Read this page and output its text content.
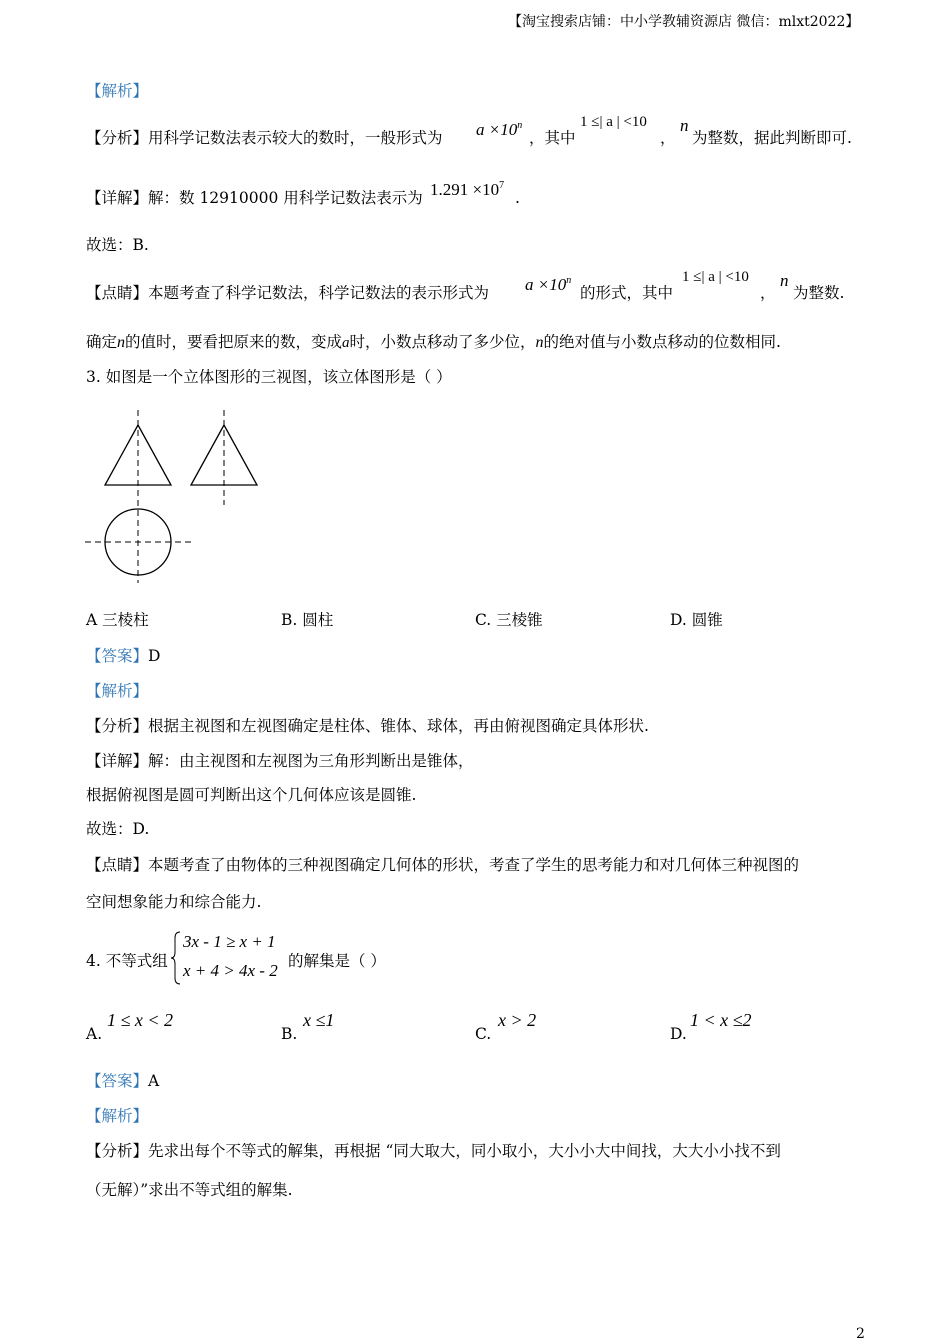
【淘宝搜索店铺：中小学教辅资源店 微信：mlxt2022】
【解析】
【分析】用科学记数法表示较大的数时，一般形式为 $a \times 10^n$
，其中
1 ≤| a | <10
，
n
为整数，据此判断即可.
【详解】解：数 12910000 用科学记数法表示为 $1.291 \times 10^7$
.
故选：B.
【点睛】本题考查了科学记数法，科学记数法的表示形式为 $a \times 10^n$
的形式，其中
1 ≤| a | <10
，
n
为整数.
确定n的值时，要看把原来的数，变成a时，小数点移动了多少位，n的绝对值与小数点移动的位数相同.
3. 如图是一个立体图形的三视图，该立体图形是（ ）
A 三棱柱	B. 圆柱	C. 三棱锥	D. 圆锥
【答案】D
【解析】
【分析】根据主视图和左视图确定是柱体、锥体、球体，再由俯视图确定具体形状.
【详解】解：由主视图和左视图为三角形判断出是锥体，
根据俯视图是圆可判断出这个几何体应该是圆锥.
故选：D.
【点睛】本题考查了由物体的三种视图确定几何体的形状，考查了学生的思考能力和对几何体三种视图的
空间想象能力和综合能力.
4. 不等式组
3x - 1 ≥ x + 1
x + 4 > 4x - 2 的解集是（ ）
A.
1 ≤ x < 2
B.
x ≤1
C.
x > 2
D.
1 < x ≤2
【答案】A
【解析】
【分析】先求出每个不等式的解集，再根据 “同大取大，同小取小，大小小大中间找，大大小小找不到
（无解）”求出不等式组的解集.
2
